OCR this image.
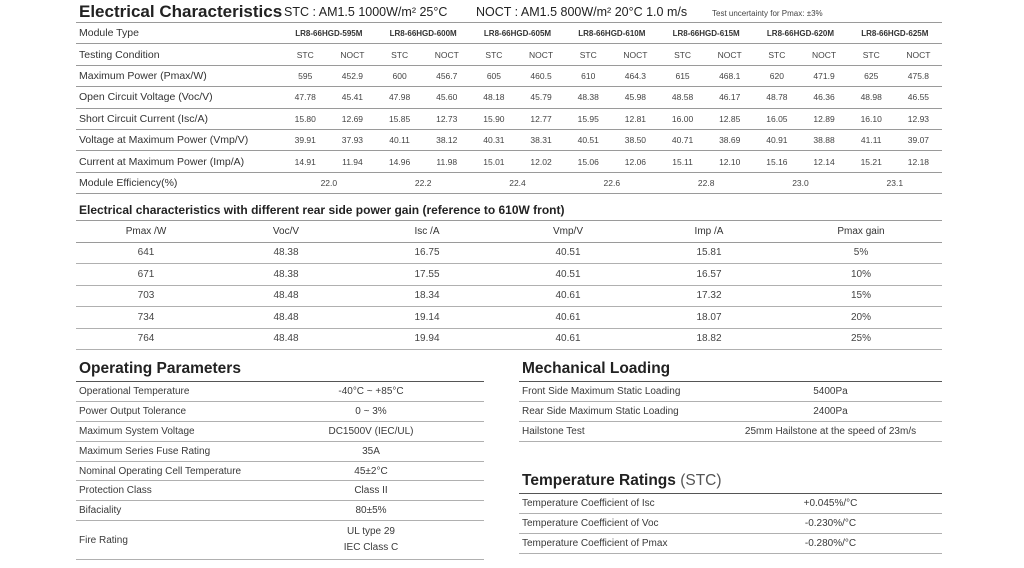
Electrical Characteristics STC : AM1.5 1000W/m² 25°C NOCT : AM1.5 800W/m² 20°C 1.0 m/s	Test uncertainty for Pmax: ±3%
Module Type	LR8-66HGD-595M		LR8-66HGD-600M		LR8-66HGD-605M		LR8-66HGD-610M		LR8-66HGD-615M		LR8-66HGD-620M		LR8-66HGD-625M	
Testing Condition	STC	NOCT	STC	NOCT	STC	NOCT	STC	NOCT	STC	NOCT	STC	NOCT	STC	NOCT
Maximum Power (Pmax/W)	595	452.9	600	456.7	605	460.5	610	464.3	615	468.1	620	471.9	625	475.8
Open Circuit Voltage (Voc/V)	47.78	45.41	47.98	45.60	48.18	45.79	48.38	45.98	48.58	46.17	48.78	46.36	48.98	46.55
Short Circuit Current (Isc/A)	15.80	12.69	15.85	12.73	15.90	12.77	15.95	12.81	16.00	12.85	16.05	12.89	16.10	12.93
Voltage at Maximum Power (Vmp/V)	39.91	37.93	40.11	38.12	40.31	38.31	40.51	38.50	40.71	38.69	40.91	38.88	41.11	39.07
Current at Maximum Power (Imp/A)	14.91	11.94	14.96	11.98	15.01	12.02	15.06	12.06	15.11	12.10	15.16	12.14	15.21	12.18
Module Efficiency(%)	22.0		22.2		22.4		22.6		22.8		23.0		23.1	
Electrical characteristics with different rear side power gain (reference to 610W front)
Pmax /W	Voc/V	Isc /A	Vmp/V	Imp /A	Pmax gain
641	48.38	16.75	40.51	15.81	5%
671	48.38	17.55	40.51	16.57	10%
703	48.48	18.34	40.61	17.32	15%
734	48.48	19.14	40.61	18.07	20%
764	48.48	19.94	40.61	18.82	25%
Operating Parameters
Operational Temperature	-40°C ~ +85°C
Power Output Tolerance	0 ~ 3%
Maximum System Voltage	DC1500V (IEC/UL)
Maximum Series Fuse Rating	35A
Nominal Operating Cell Temperature	45±2°C
Protection Class	Class II
Bifaciality	80±5%
Fire Rating	UL type 29
IEC Class C
Mechanical Loading
Front Side Maximum Static Loading	5400Pa
Rear Side Maximum Static Loading	2400Pa
Hailstone Test	25mm Hailstone at the speed of 23m/s
Temperature Ratings (STC)
Temperature Coefficient of Isc	+0.045%/°C
Temperature Coefficient of Voc	-0.230%/°C
Temperature Coefficient of Pmax	-0.280%/°C
